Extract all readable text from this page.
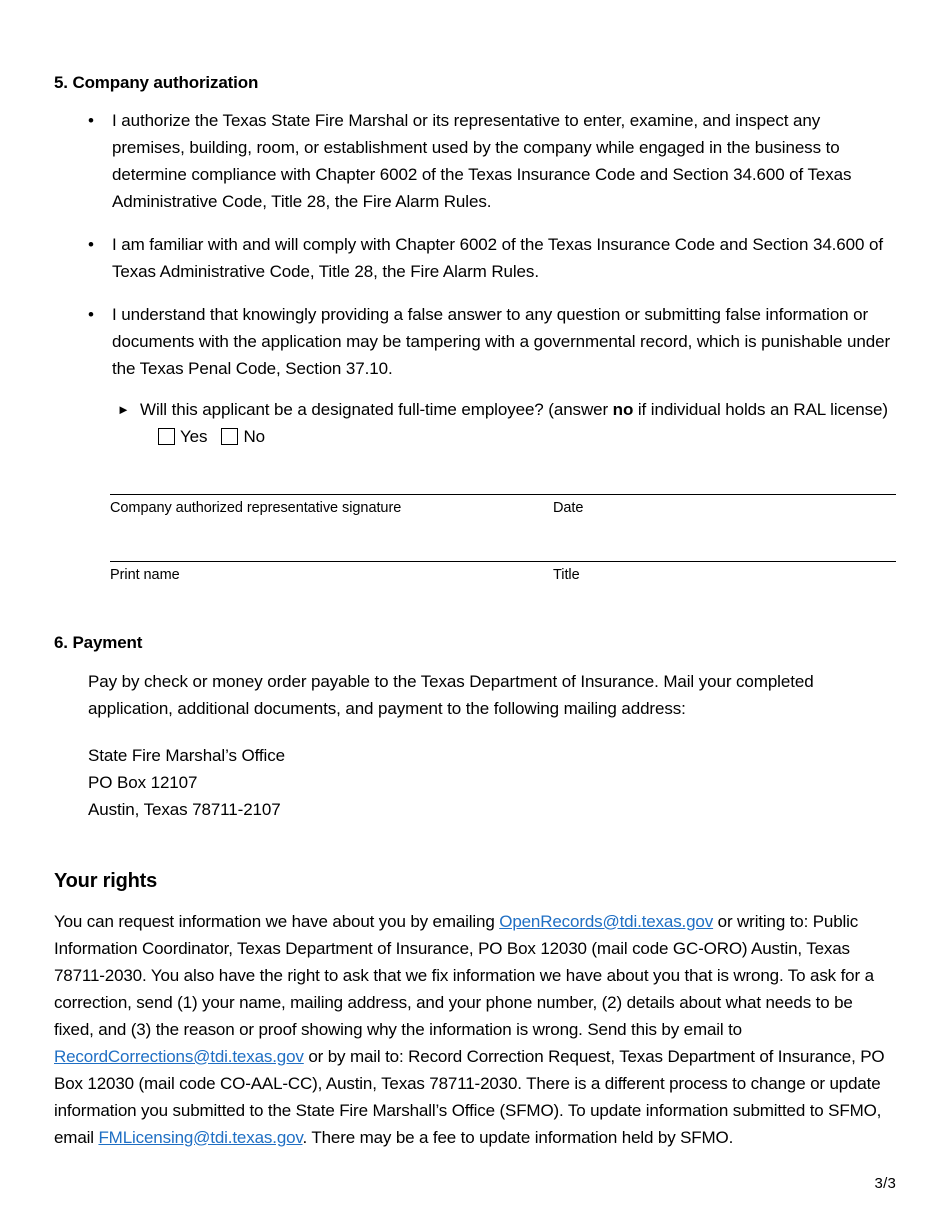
5. Company authorization
• I authorize the Texas State Fire Marshal or its representative to enter, examine, and inspect any premises, building, room, or establishment used by the company while engaged in the business to determine compliance with Chapter 6002 of the Texas Insurance Code and Section 34.600 of Texas Administrative Code, Title 28, the Fire Alarm Rules.
• I am familiar with and will comply with Chapter 6002 of the Texas Insurance Code and Section 34.600 of Texas Administrative Code, Title 28, the Fire Alarm Rules.
• I understand that knowingly providing a false answer to any question or submitting false information or documents with the application may be tampering with a governmental record, which is punishable under the Texas Penal Code, Section 37.10.
► Will this applicant be a designated full-time employee? (answer no if individual holds an RAL license)Yes No
Company authorized representative signature	Date
Print name	Title
6. Payment

Pay by check or money order payable to the Texas Department of Insurance. Mail your completed application, additional documents, and payment to the following mailing address:

State Fire Marshal’s Office
PO Box 12107
Austin, Texas 78711-2107
Your rights

You can request information we have about you by emailing OpenRecords@tdi.texas.gov or writing to: Public Information Coordinator, Texas Department of Insurance, PO Box 12030 (mail code GC-ORO) Austin, Texas 78711-2030. You also have the right to ask that we fix information we have about you that is wrong. To ask for a correction, send (1) your name, mailing address, and your phone number, (2) details about what needs to be fixed, and (3) the reason or proof showing why the information is wrong. Send this by email to RecordCorrections@tdi.texas.gov or by mail to: Record Correction Request, Texas Department of Insurance, PO Box 12030 (mail code CO-AAL-CC), Austin, Texas 78711-2030. There is a different process to change or update information you submitted to the State Fire Marshall’s Office (SFMO). To update information submitted to SFMO, email FMLicensing@tdi.texas.gov. There may be a fee to update information held by SFMO.

3/3
